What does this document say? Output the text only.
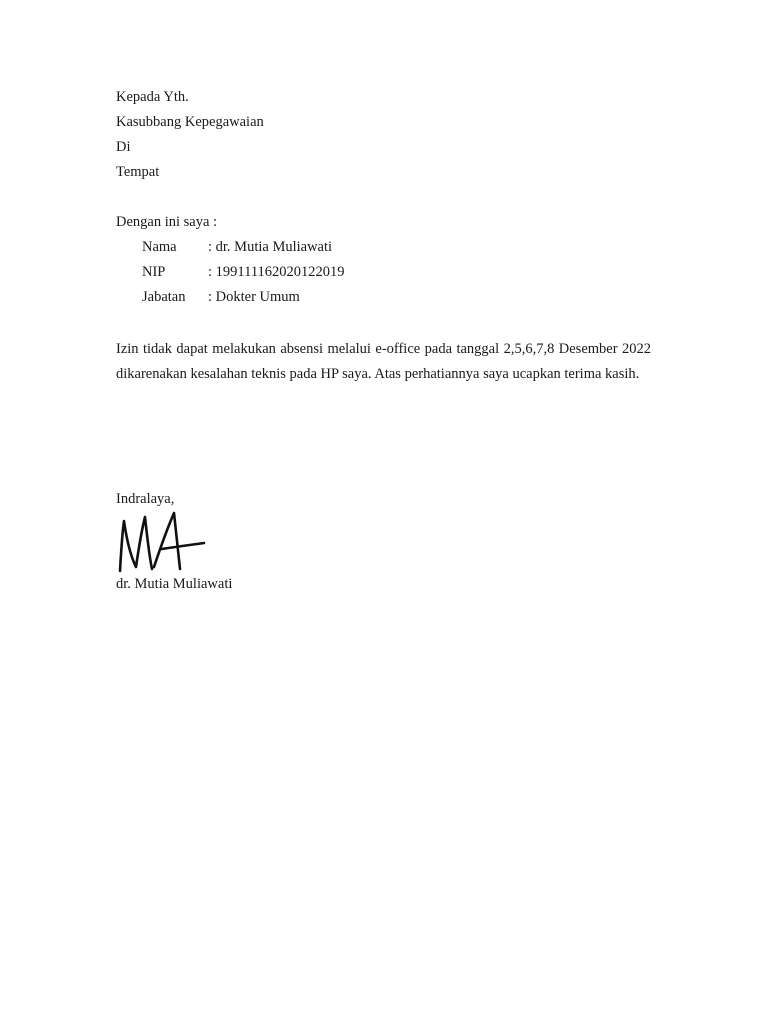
Kepada Yth.
Kasubbang Kepegawaian
Di
Tempat
Dengan ini saya :
Nama : dr. Mutia Muliawati
NIP	: 199111162020122019
Jabatan : Dokter Umum
Izin tidak dapat melakukan absensi melalui e-office pada tanggal 2,5,6,7,8 Desember 2022 dikarenakan kesalahan teknis pada HP saya. Atas perhatiannya saya ucapkan terima kasih.
Indralaya,
dr. Mutia Muliawati
